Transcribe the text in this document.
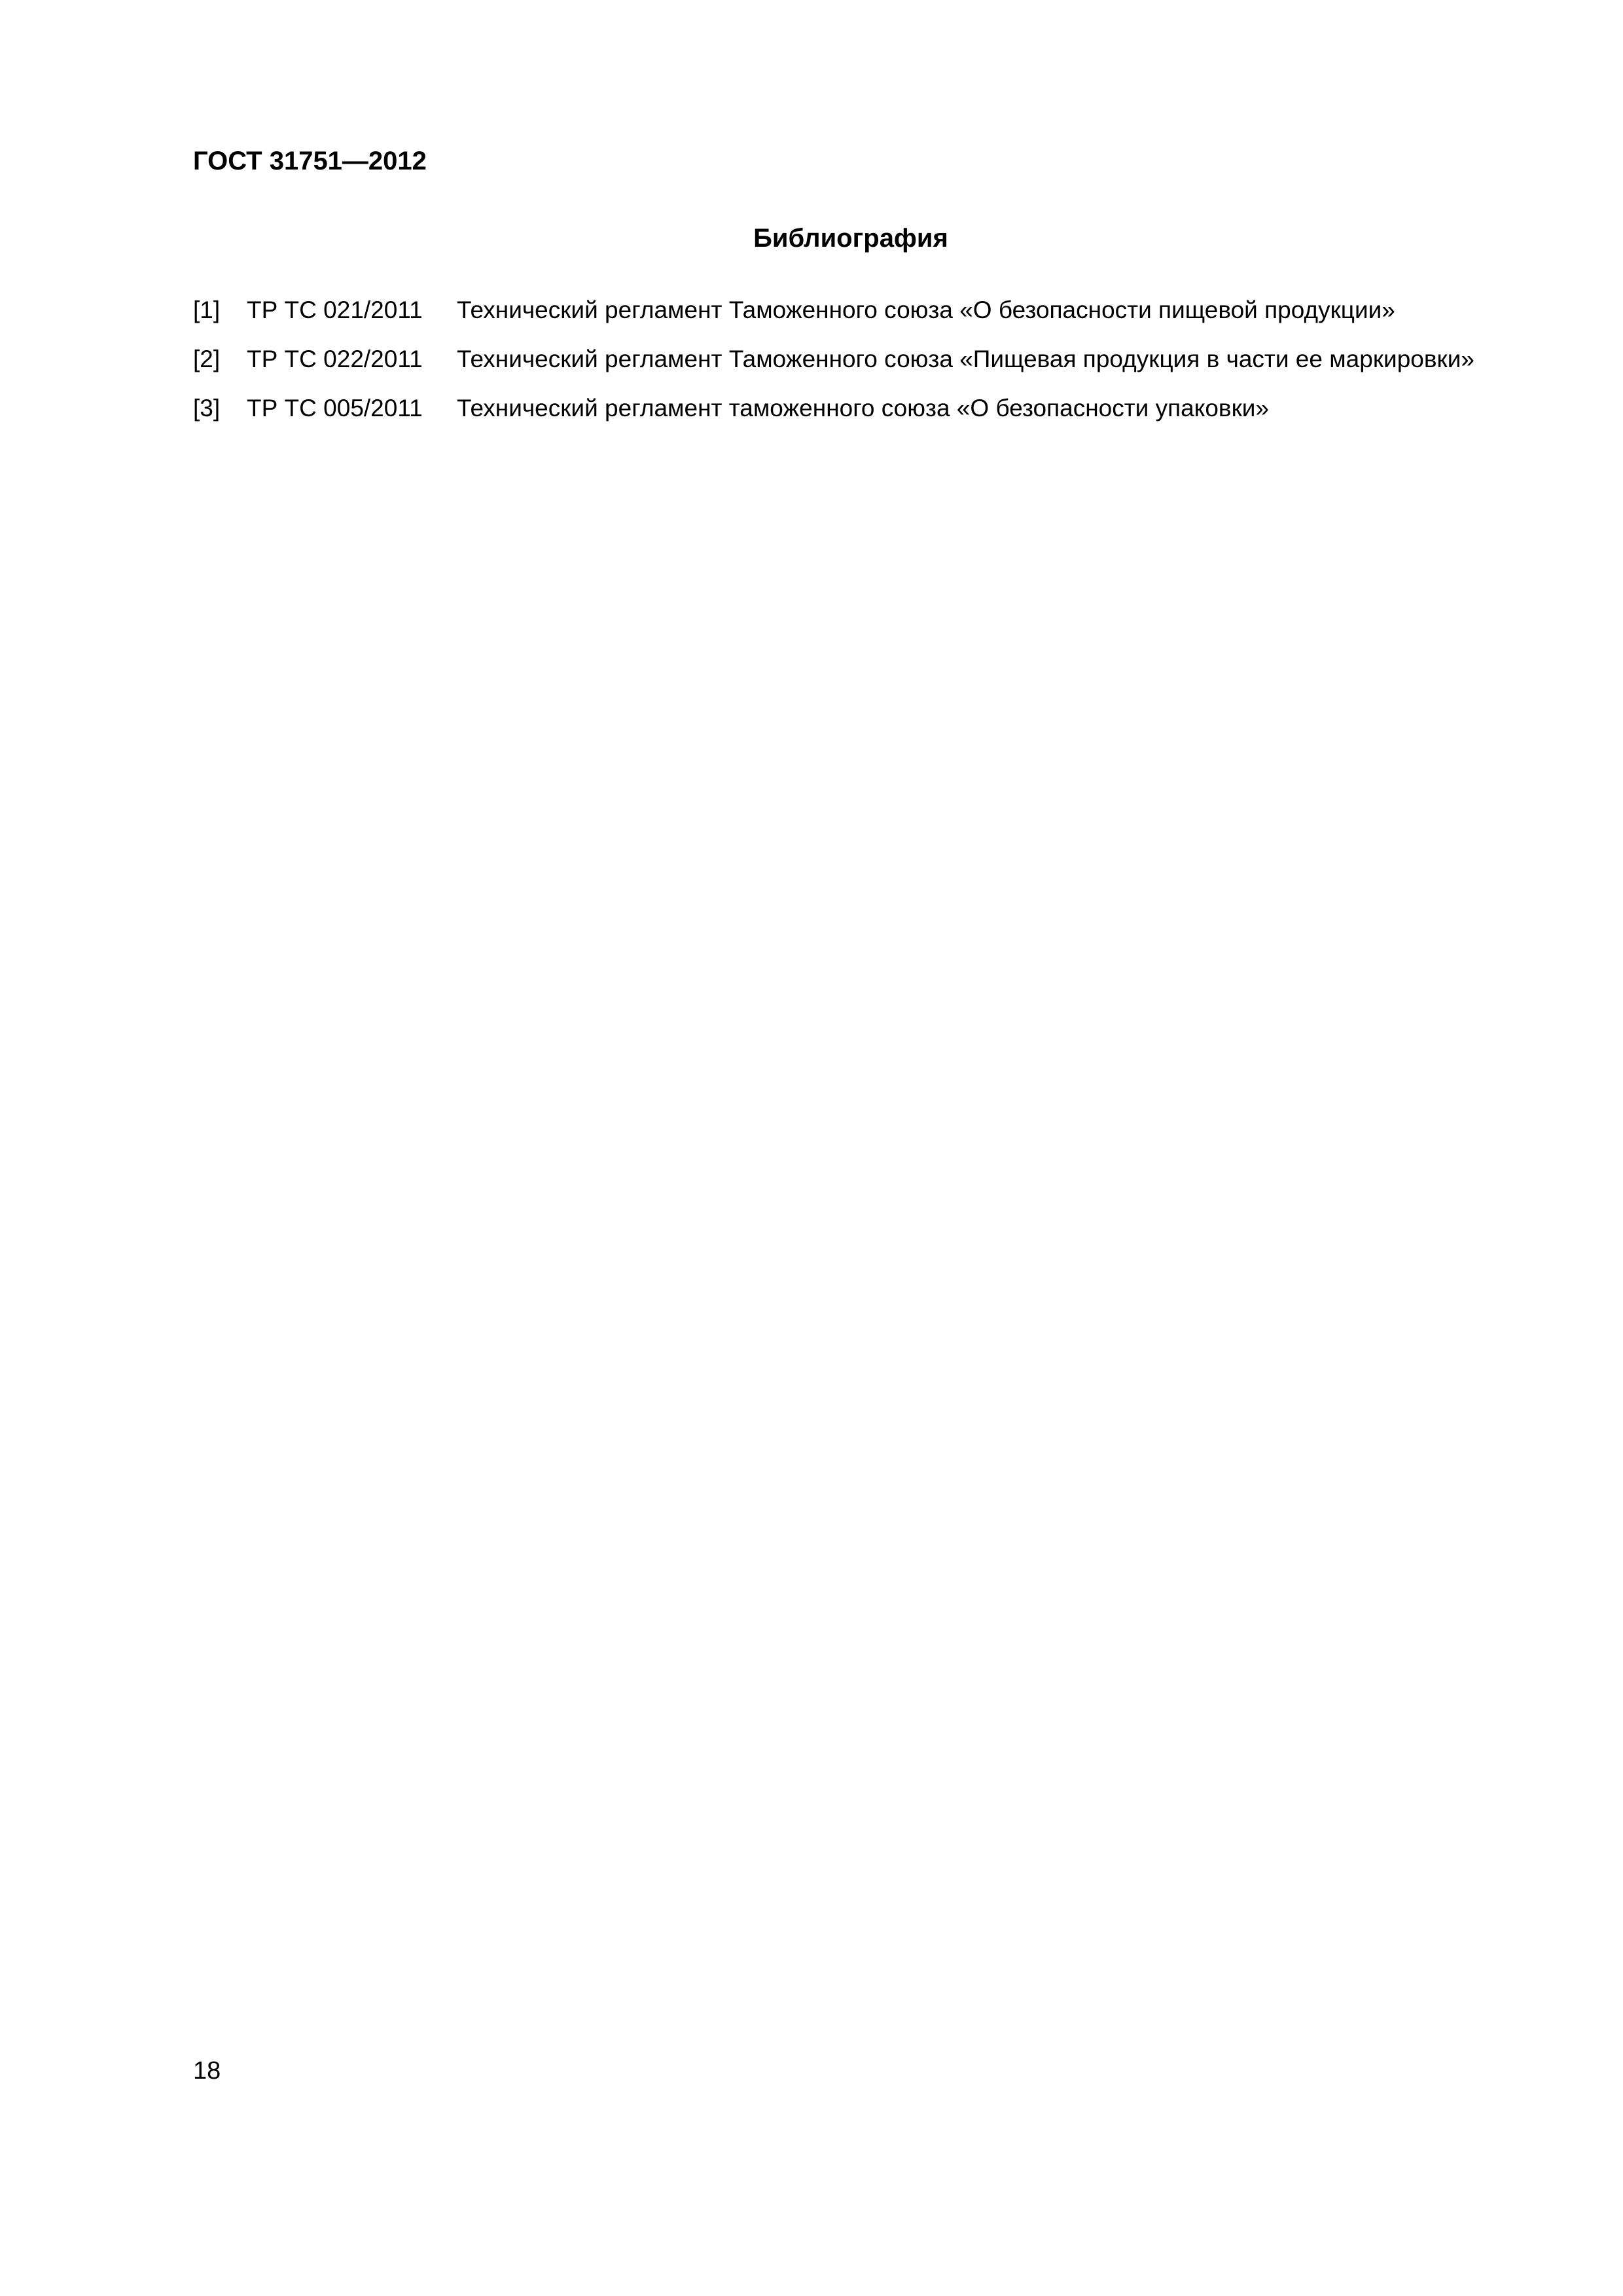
ГОСТ 31751—2012
Библиография
[1] ТР ТС 021/2011 Технический регламент Таможенного союза «О безопасности пищевой продукции»
[2] ТР ТС 022/2011 Технический регламент Таможенного союза «Пищевая продукция в части ее маркировки»
[3] ТР ТС 005/2011 Технический регламент таможенного союза «О безопасности упаковки»
18
